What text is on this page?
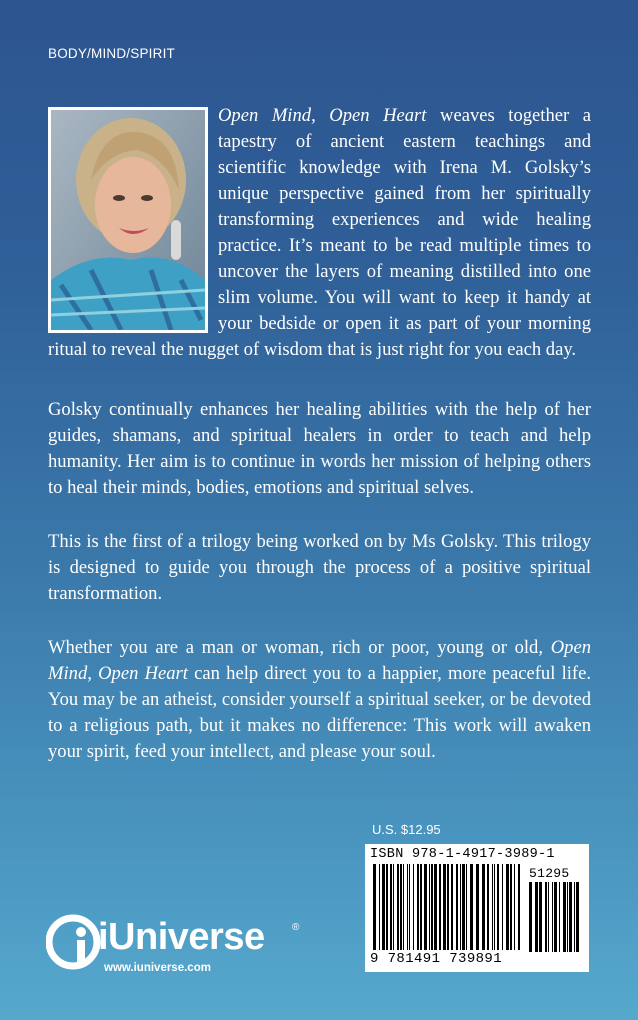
BODY/MIND/SPIRIT

Open Mind, Open Heart weaves together a tapestry of ancient eastern teachings and scientific knowledge with Irena M. Golsky’s unique perspective gained from her spiritually transforming experiences and wide healing practice. It’s meant to be read multiple times to uncover the layers of meaning distilled into one slim volume. You will want to keep it handy at your bedside or open it as part of your morning ritual to reveal the nugget of wisdom that is just right for you each day.

Golsky continually enhances her healing abilities with the help of her guides, shamans, and spiritual healers in order to teach and help humanity. Her aim is to continue in words her mission of helping others to heal their minds, bodies, emotions and spiritual selves.

This is the first of a trilogy being worked on by Ms Golsky. This trilogy is designed to guide you through the process of a positive spiritual transformation.

Whether you are a man or woman, rich or poor, young or old, Open Mind, Open Heart can help direct you to a happier, more peaceful life. You may be an atheist, consider yourself a spiritual seeker, or be devoted to a religious path, but it makes no difference: This work will awaken your spirit, feed your intellect, and please your soul.

U.S. $12.95
ISBN 978-1-4917-3989-1
51295
9 781491 739891
iUniverse	®
www.iuniverse.com
